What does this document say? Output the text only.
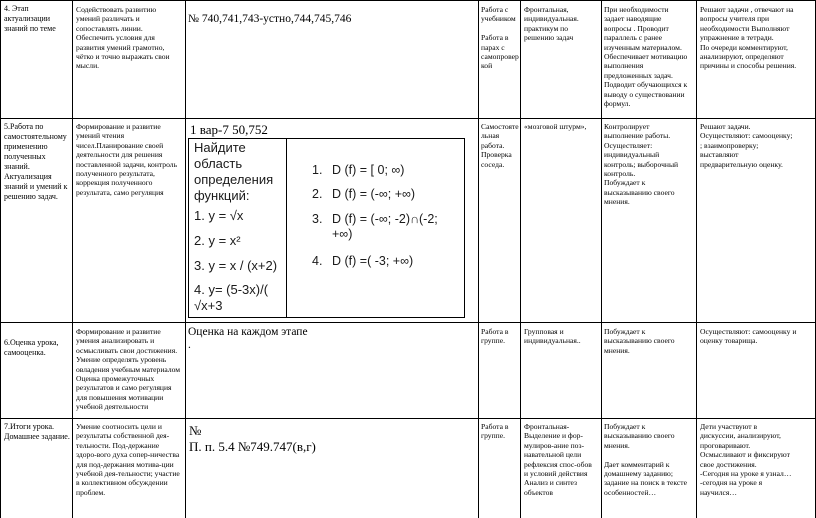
4. Этап
актуализации
знаний по теме
Содействовать развитию
умений различать и
сопоставлять линии.
Обеспечить условия для
развития умений грамотно,
чётко и точно выражать свои
мысли.
№ 740,741,743-устно,744,745,746
Работа с
учебником

Работа в
парах с
самопровер
кой
Фронтальная,
индивидуальная.
практикум по
решению задач
При необходимости
задает наводящие
вопросы . Проводит
параллель с ранее
изученным материалом.
Обеспечивает мотивацию
выполнения
предложенных задач.
Подводит обучающихся к
выводу о существовании
формул.
Решают задачи , отвечают на
вопросы учителя при
необходимости Выполняют
упражнение в тетради.
По очереди комментируют,
анализируют, определяют
причины и способы решения.
5.Работа по
самостоятельному
применению
полученных
знаний.
Актуализация
знаний и умений к
решению задач.
Формирование и развитие
умений чтения
чисел.Планирование своей
деятельности для решения
поставленной задачи, контроль
полученного результата,
коррекция полученного
результата, само регуляция
1 вар-7 50,752
Найдите
область
определения
функций:
1. y = √x
2. y = x²
3. y = x / (x+2)
4. y= (5-3x)/(
√x+3
1. D (f) = [ 0; ∞)
2. D (f) = (-∞; +∞)
3. D (f) = (-∞; -2)∩(-2; +∞)
4. D (f) =( -3; +∞)
Самостояте
льная
работа.
Проверка
соседа.
«мозговой штурм»,	Контролирует
выполнение работы.
Осуществляет:
индивидуальный
контроль; выборочный
контроль.
Побуждает к
высказыванию своего
мнения.
Решают задачи.
Осуществляют: самооценку;
; взаимопроверку;
выставляют
предварительную оценку.
6.Оценка урока,
самооценка.
Формирование и развитие
умения анализировать и
осмысливать свои достижения.
Умение определять уровень
овладения учебным материалом
Оценка промежуточных
результатов и само регуляция
для повышения мотивации
учебной деятельности
Оценка на каждом этапе
.
Работа в
группе.
Групповая и
индивидуальная..
Побуждает к
высказыванию своего
мнения.
Осуществляют: самооценку и
оценку товарища.
7.Итоги урока.
Домашнее задание.
Умение соотносить цели и
результаты собственной дея-
тельности. Под-держание
здоро-вого духа сопер-ничества
для под-держания мотива-ции
учебной дея-тельности; участие
в коллективном обсуждении
проблем.
№
П. п. 5.4 №749.747(в,г)
Работа в
группе.
Фронтальная-
Выделение и фор-
мулиров-ание поз-
навательной цели
рефлексия спос-обов
и условий действия
Анализ и синтез
объектов
Побуждает к
высказыванию своего
мнения.

Дает комментарий к
домашнему заданию;
задание на поиск в тексте
особенностей…
Дети участвуют в
дискуссии, анализируют,
проговаривают.
Осмысливают и фиксируют
свое достижения.
-Сегодня на уроке я узнал…
-сегодня на уроке я
научился…
